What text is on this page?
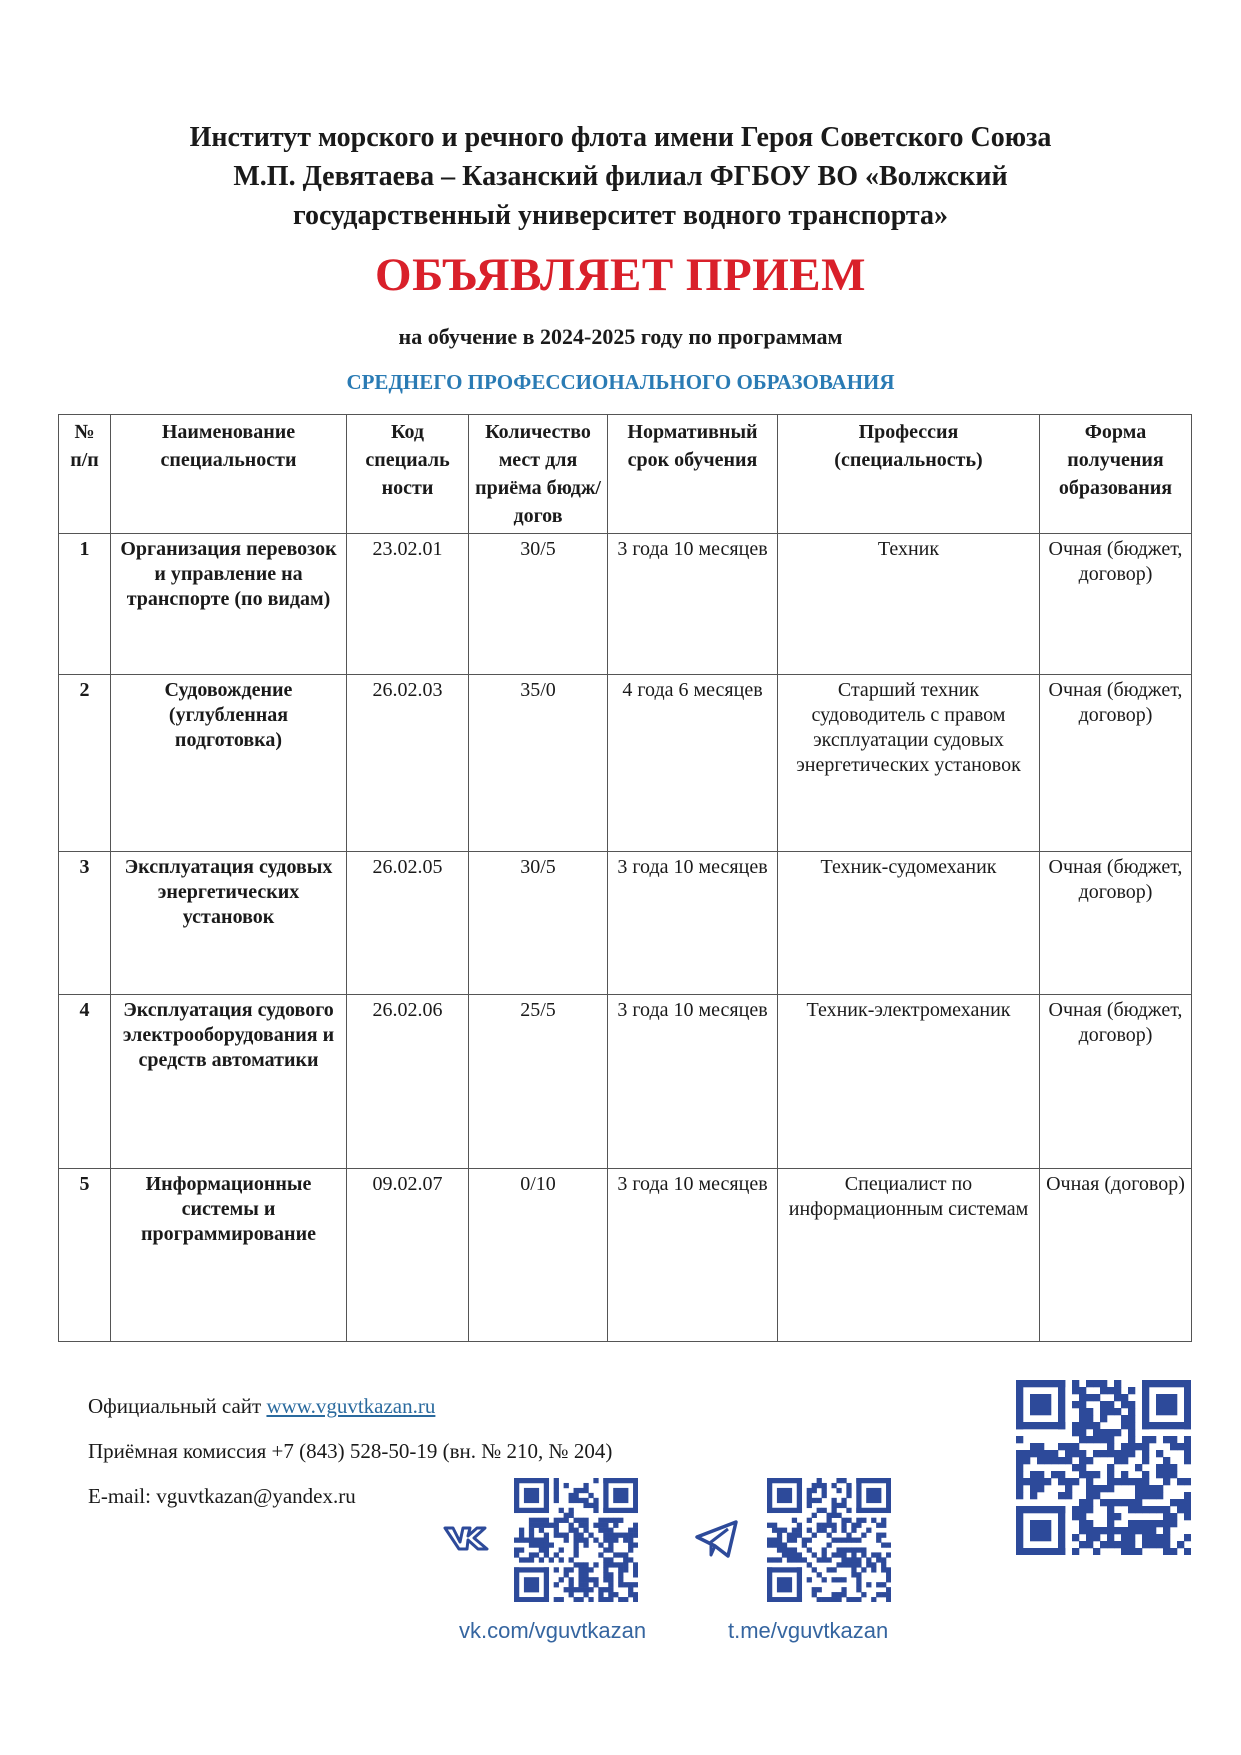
Институт морского и речного флота имени Героя Советского Союза
М.П. Девятаева – Казанский филиал ФГБОУ ВО «Волжский
государственный университет водного транспорта»
ОБЪЯВЛЯЕТ ПРИЕМ
на обучение в 2024-2025 году по программам
СРЕДНЕГО ПРОФЕССИОНАЛЬНОГО ОБРАЗОВАНИЯ
№ п/п	Наименование специальности	Код специаль ности	Количество мест для приёма бюдж/догов	Нормативный срок обучения	Профессия (специальность)	Форма получения образования
1	Организация перевозок и управление на транспорте (по видам)	23.02.01	30/5	3 года 10 месяцев	Техник	Очная (бюджет, договор)
2	Судовождение (углубленная подготовка)	26.02.03	35/0	4 года 6 месяцев	Старший техник судоводитель с правом эксплуатации судовых энергетических установок	Очная (бюджет, договор)
3	Эксплуатация судовых энергетических установок	26.02.05	30/5	3 года 10 месяцев	Техник-судомеханик	Очная (бюджет, договор)
4	Эксплуатация судового электрооборудования и средств автоматики	26.02.06	25/5	3 года 10 месяцев	Техник-электромеханик	Очная (бюджет, договор)
5	Информационные системы и программирование	09.02.07	0/10	3 года 10 месяцев	Специалист по информационным системам	Очная (договор)
Официальный сайт www.vguvtkazan.ru
Приёмная комиссия +7 (843) 528-50-19 (вн. № 210, № 204)
E-mail: vguvtkazan@yandex.ru
vk.com/vguvtkazan	t.me/vguvtkazan
